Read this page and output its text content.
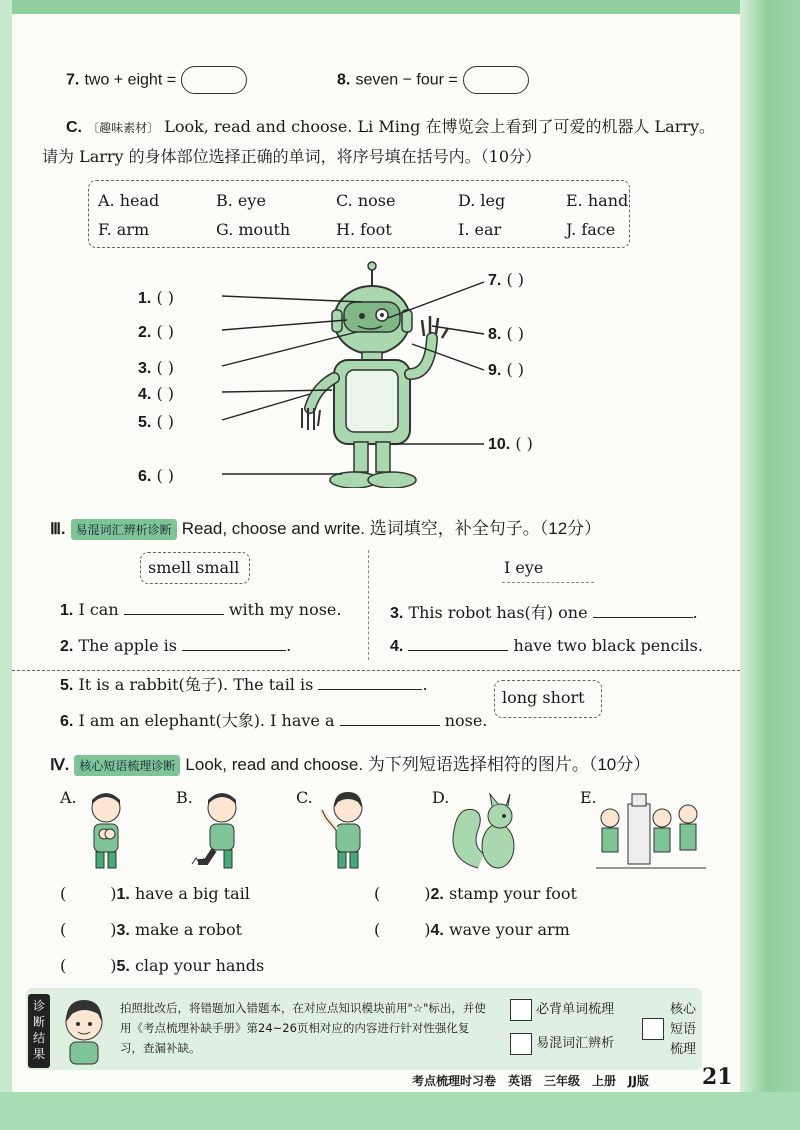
7. two + eight =	8. seven − four =
C. 〔趣味素材〕 Look, read and choose. Li Ming 在博览会上看到了可爱的机器人 Larry。
请为 Larry 的身体部位选择正确的单词，将序号填在括号内。（10分）
A. head	B. eye	C. nose	D. leg	E. hand
F. arm	G. mouth	H. foot	I. ear	J. face
1. ( )
2. ( )
3. ( )
4. ( )
5. ( )
6. ( )
7. ( )
8. ( )
9. ( )
10. ( )
Ⅲ. 易混词汇辨析诊断 Read, choose and write. 选词填空，补全句子。（12分）
smell small	I eye
1. I can	with my nose.	3. This robot has(有) one	.
2. The apple is	.	4.	have two black pencils.
5. It is a rabbit(兔子). The tail is	.
long short
6. I am an elephant(大象). I have a	nose.
Ⅳ. 核心短语梳理诊断 Look, read and choose. 为下列短语选择相符的图片。（10分）
A.	B.	C.	D.	E.
(	)1. have a big tail	(	)2. stamp your foot
(	)3. make a robot	(	)4. wave your arm
(	)5. clap your hands
诊断结果
拍照批改后，将错题加入错题本，在对应点知识模块前用"☆"标出，并使用《考点梳理补缺手册》第24~26页相对应的内容进行针对性强化复习，查漏补缺。
必背单词梳理
易混词汇辨析
核心短语梳理
考点梳理时习卷　英语　三年级　上册　JJ版 21
